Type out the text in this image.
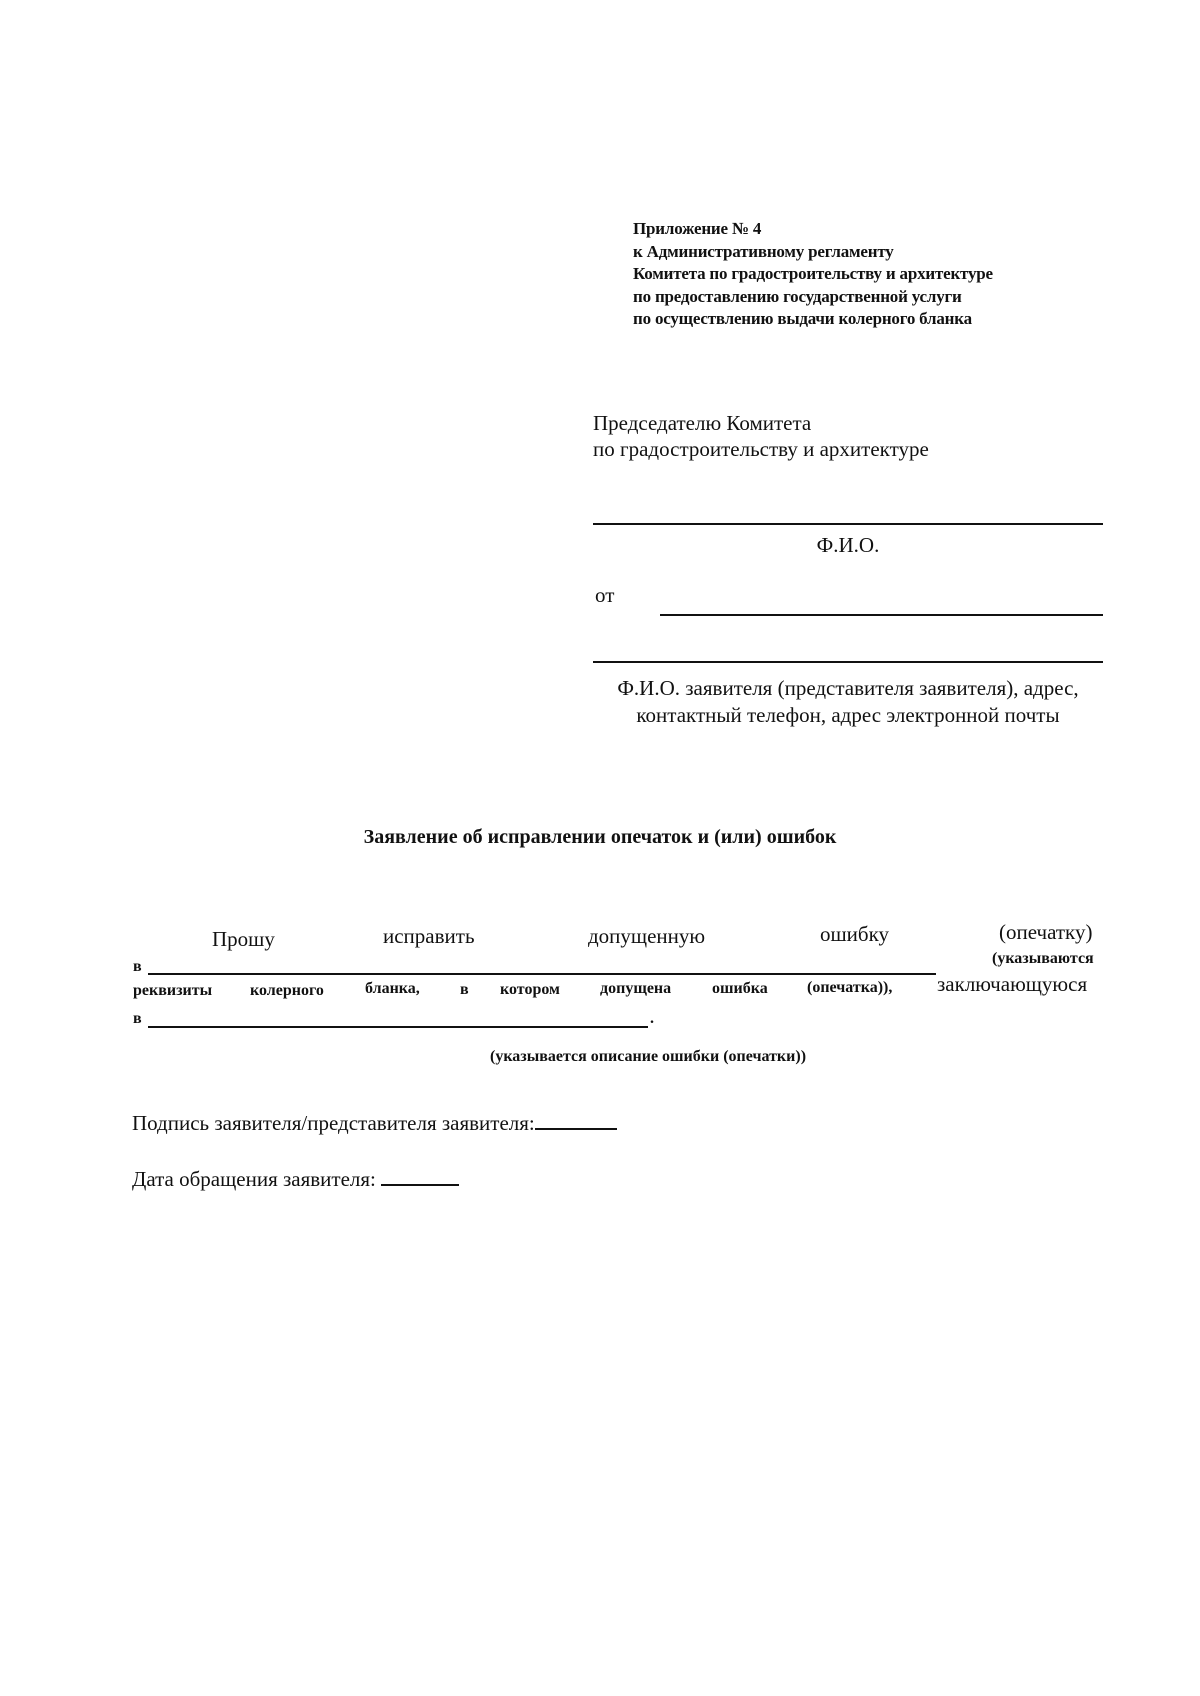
Приложение № 4
к Административному регламенту
Комитета по градостроительству и архитектуре
по предоставлению государственной услуги
по осуществлению выдачи колерного бланка
Председателю Комитета
по градостроительству и архитектуре
Ф.И.О.
от
Ф.И.О. заявителя (представителя заявителя), адрес, контактный телефон, адрес электронной почты
Заявление об исправлении опечаток и (или) ошибок
Прошу	исправить	допущенную	ошибку	(опечатку)
в	(указываются
реквизиты колерного	бланка,	в котором	допущена	ошибка (опечатка)), заключающуюся
в	.
(указывается описание ошибки (опечатки))
Подпись заявителя/представителя заявителя:
Дата обращения заявителя:
